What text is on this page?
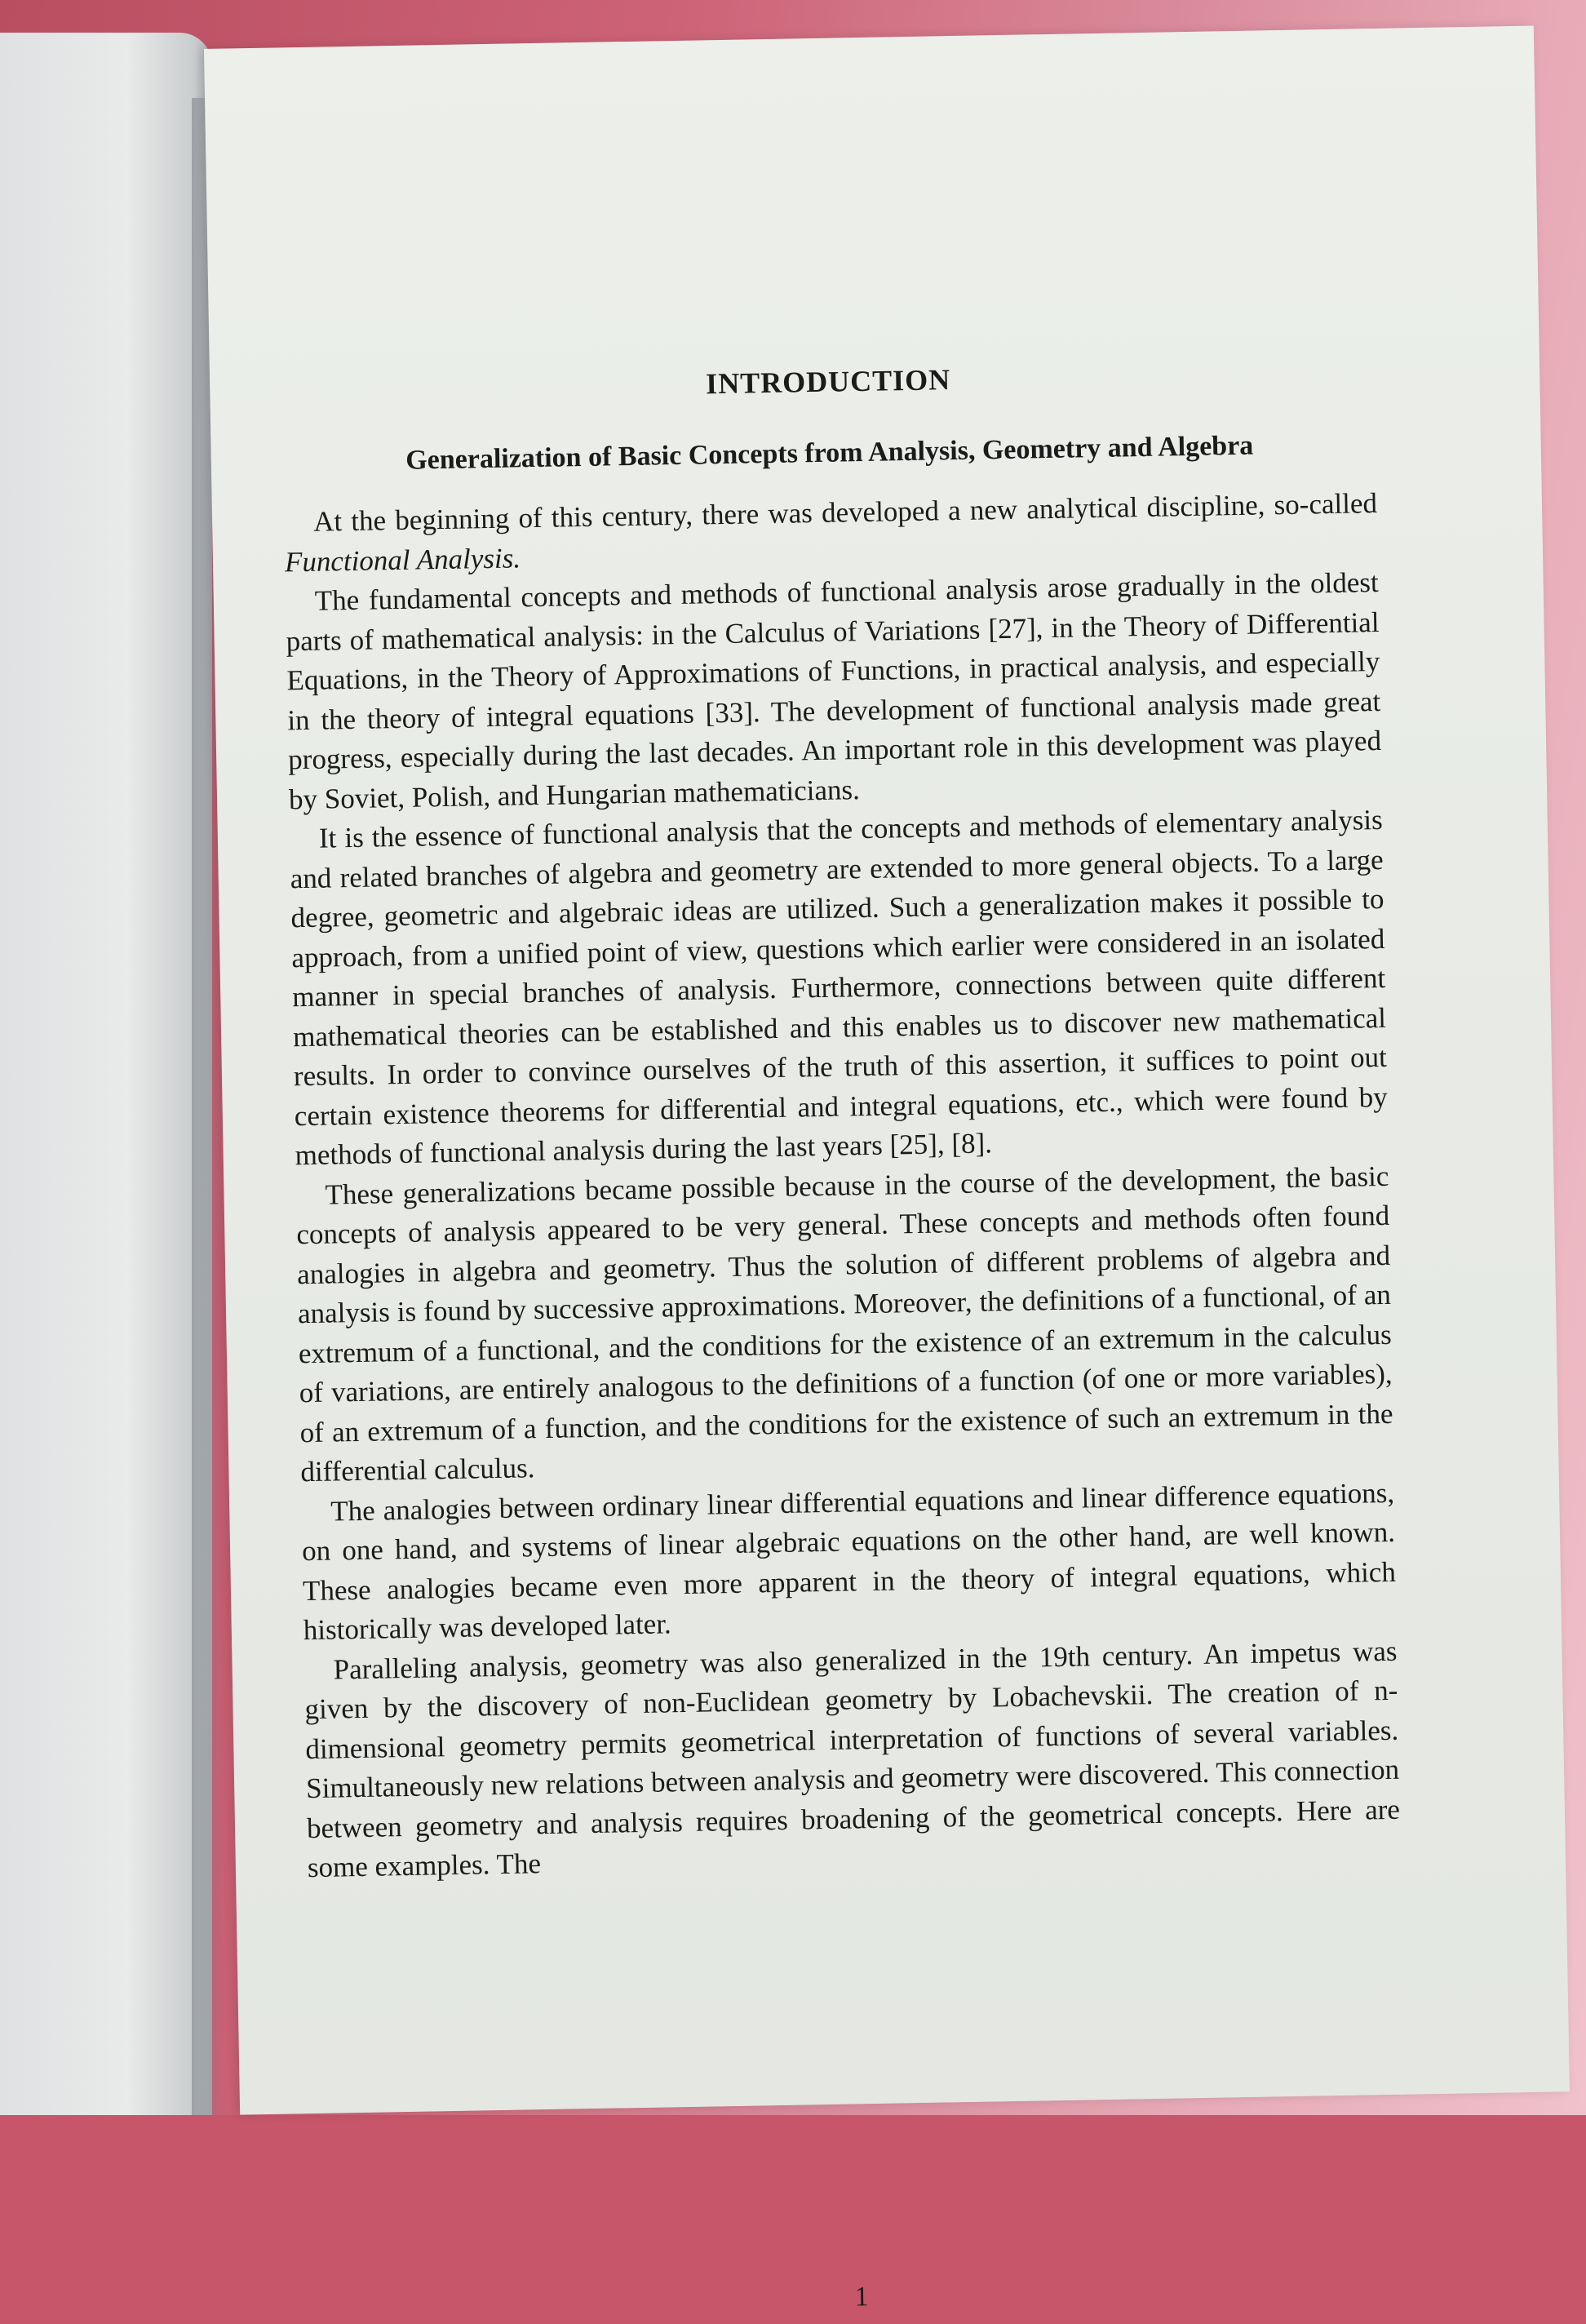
INTRODUCTION
Generalization of Basic Concepts from Analysis, Geometry and Algebra

At the beginning of this century, there was developed a new analytical discipline, so-called Functional Analysis.

The fundamental concepts and methods of functional analysis arose gradually in the oldest parts of mathematical analysis: in the Calculus of Variations [27], in the Theory of Differential Equations, in the Theory of Approximations of Functions, in practical analysis, and especially in the theory of integral equations [33]. The development of functional analysis made great progress, especially during the last decades. An important role in this development was played by Soviet, Polish, and Hungarian mathematicians.

It is the essence of functional analysis that the concepts and methods of elementary analysis and related branches of algebra and geometry are extended to more general objects. To a large degree, geometric and algebraic ideas are utilized. Such a generalization makes it possible to approach, from a unified point of view, questions which earlier were considered in an isolated manner in special branches of analysis. Furthermore, connections between quite different mathematical theories can be established and this enables us to discover new mathematical results. In order to convince ourselves of the truth of this assertion, it suffices to point out certain existence theorems for differential and integral equations, etc., which were found by methods of functional analysis during the last years [25], [8].

These generalizations became possible because in the course of the development, the basic concepts of analysis appeared to be very general. These concepts and methods often found analogies in algebra and geometry. Thus the solution of different problems of algebra and analysis is found by successive approximations. Moreover, the definitions of a functional, of an extremum of a functional, and the conditions for the existence of an extremum in the calculus of variations, are entirely analogous to the definitions of a function (of one or more variables), of an extremum of a function, and the conditions for the existence of such an extremum in the differential calculus.

The analogies between ordinary linear differential equations and linear difference equations, on one hand, and systems of linear algebraic equations on the other hand, are well known. These analogies became even more apparent in the theory of integral equations, which historically was developed later.

Paralleling analysis, geometry was also generalized in the 19th century. An impetus was given by the discovery of non-Euclidean geometry by Lobachevskii. The creation of n-dimensional geometry permits geometrical interpretation of functions of several variables. Simultaneously new relations between analysis and geometry were discovered. This connection between geometry and analysis requires broadening of the geometrical concepts. Here are some examples. The

1
